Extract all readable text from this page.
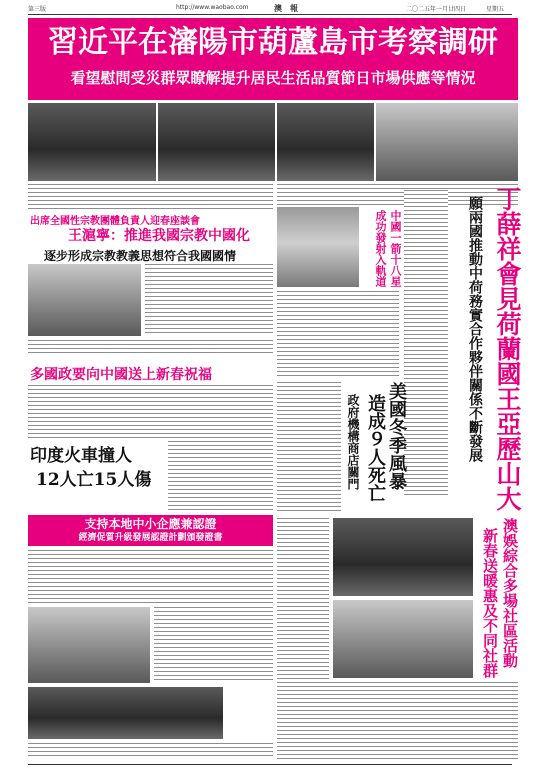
第三版	http://www.waobao.com	澳　報	二〇二五年一月廿四日	星期五
習近平在瀋陽市葫蘆島市考察調研
看望慰問受災群眾瞭解提升居民生活品質節日市場供應等情況
出席全國性宗教團體負責人迎春座談會
王滬寧：推進我國宗教中國化
逐步形成宗教教義思想符合我國國情	中國一箭十八星
成功發射入軌道	丁薛祥會見荷蘭國王亞歷山大
願兩國推動中荷務實合作夥伴關係不斷發展
多國政要向中國送上新春祝福
美國冬季風暴
造成９人死亡
政府機構商店關門
印度火車撞人
12人亡15人傷
支持本地中小企應兼認證
經濟促質升級發展認證計劃頒發證書	澳娛綜合多場社區活動
新春送暖惠及不同社群
